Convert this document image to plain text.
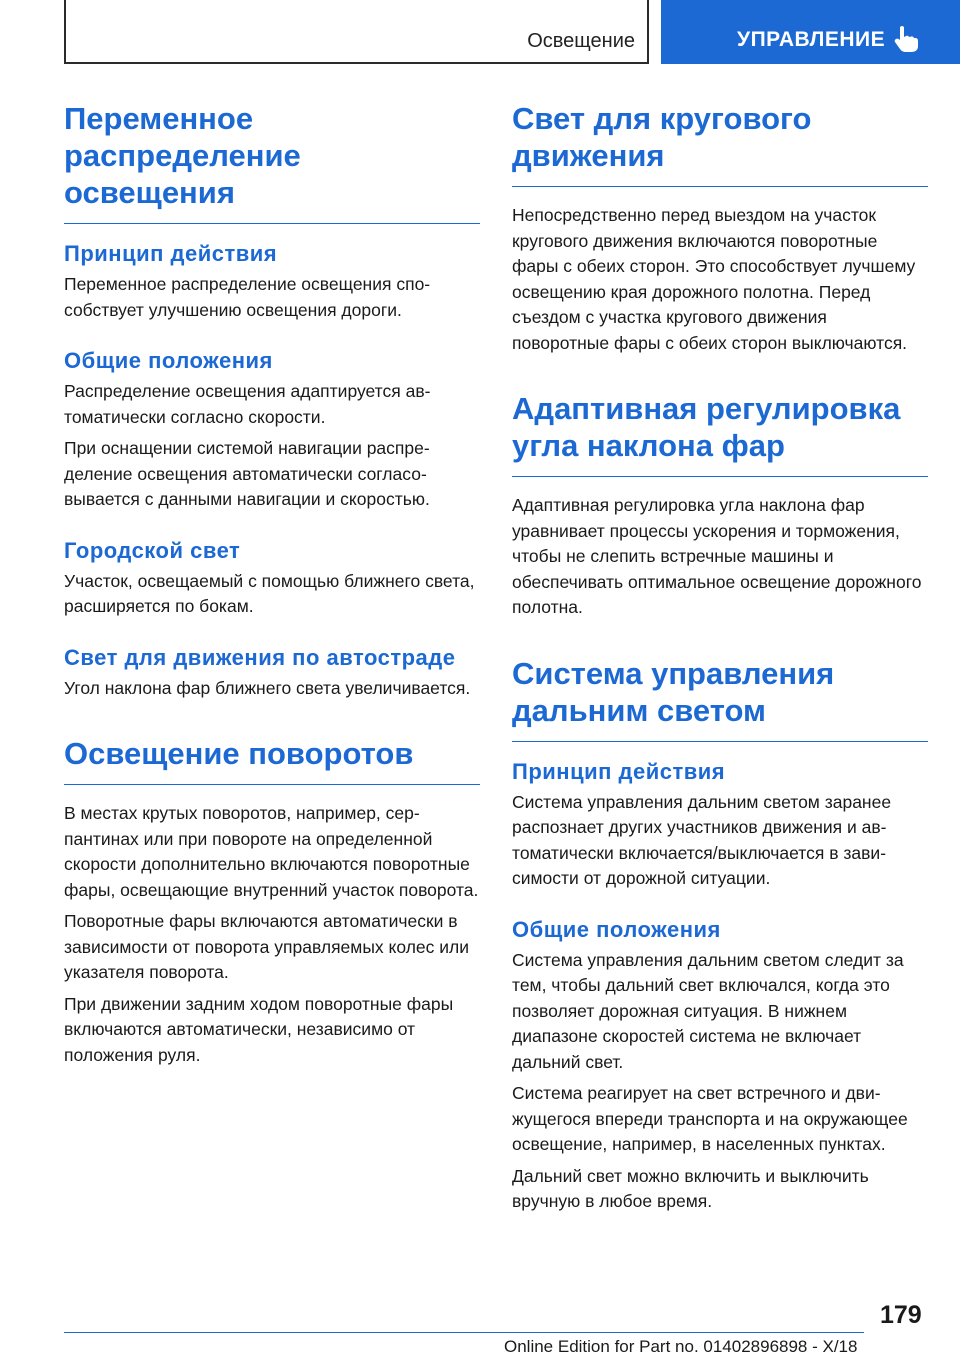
Освещение	УПРАВЛЕНИЕ
Переменное распределение освещения
Принцип действия

Переменное распределение освещения способствует улучшению освещения дороги.

Общие положения

Распределение освещения адаптируется автоматически согласно скорости.

При оснащении системой навигации распределение освещения автоматически согласовывается с данными навигации и скоростью.

Городской свет

Участок, освещаемый с помощью ближнего света, расширяется по бокам.

Свет для движения по автостраде

Угол наклона фар ближнего света увеличивается.

Освещение поворотов

В местах крутых поворотов, например, серпантинах или при повороте на определенной скорости дополнительно включаются поворотные фары, освещающие внутренний участок поворота.

Поворотные фары включаются автоматически в зависимости от поворота управляемых колес или указателя поворота.

При движении задним ходом поворотные фары включаются автоматически, независимо от положения руля.

Свет для кругового движения

Непосредственно перед выездом на участок кругового движения включаются поворотные фары с обеих сторон. Это способствует лучшему освещению края дорожного полотна. Перед съездом с участка кругового движения поворотные фары с обеих сторон выключаются.

Адаптивная регулировка угла наклона фар

Адаптивная регулировка угла наклона фар уравнивает процессы ускорения и торможения, чтобы не слепить встречные машины и обеспечивать оптимальное освещение дорожного полотна.

Система управления дальним светом
Принцип действия

Система управления дальним светом заранее распознает других участников движения и автоматически включается/выключается в зависимости от дорожной ситуации.

Общие положения

Система управления дальним светом следит за тем, чтобы дальний свет включался, когда это позволяет дорожная ситуация. В нижнем диапазоне скоростей система не включает дальний свет.

Система реагирует на свет встречного и движущегося впереди транспорта и на окружающее освещение, например, в населенных пунктах.

Дальний свет можно включить и выключить вручную в любое время.

179
Online Edition for Part no. 01402896898 - X/18
